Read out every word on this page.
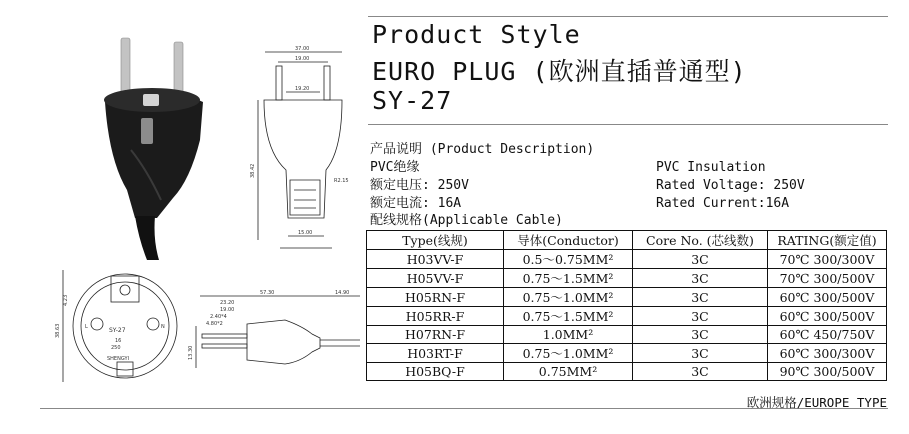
37.00
19.00
19.20
38.42
R2.15
15.00
38.63
4.23
L	N
SY-27
16
250
SHENGYI
57.30	14.90
23.20
19.00
2.40*4
4.80*2
13.30
Product Style
EURO PLUG (欧洲直插普通型)
SY-27
产品说明 (Product Description)
PVC绝缘
额定电压: 250V
额定电流: 16A
PVC Insulation
Rated Voltage: 250V
Rated Current:16A
配线规格(Applicable Cable)
Type(线规)	导体(Conductor)	Core No. (芯线数)	RATING(额定值)
H03VV-F	0.5～0.75MM²	3C	70℃ 300/300V
H05VV-F	0.75～1.5MM²	3C	70℃ 300/500V
H05RN-F	0.75～1.0MM²	3C	60℃ 300/500V
H05RR-F	0.75～1.5MM²	3C	60℃ 300/500V
H07RN-F	1.0MM²	3C	60℃ 450/750V
H03RT-F	0.75～1.0MM²	3C	60℃ 300/300V
H05BQ-F	0.75MM²	3C	90℃ 300/500V
欧洲规格/EUROPE TYPE
